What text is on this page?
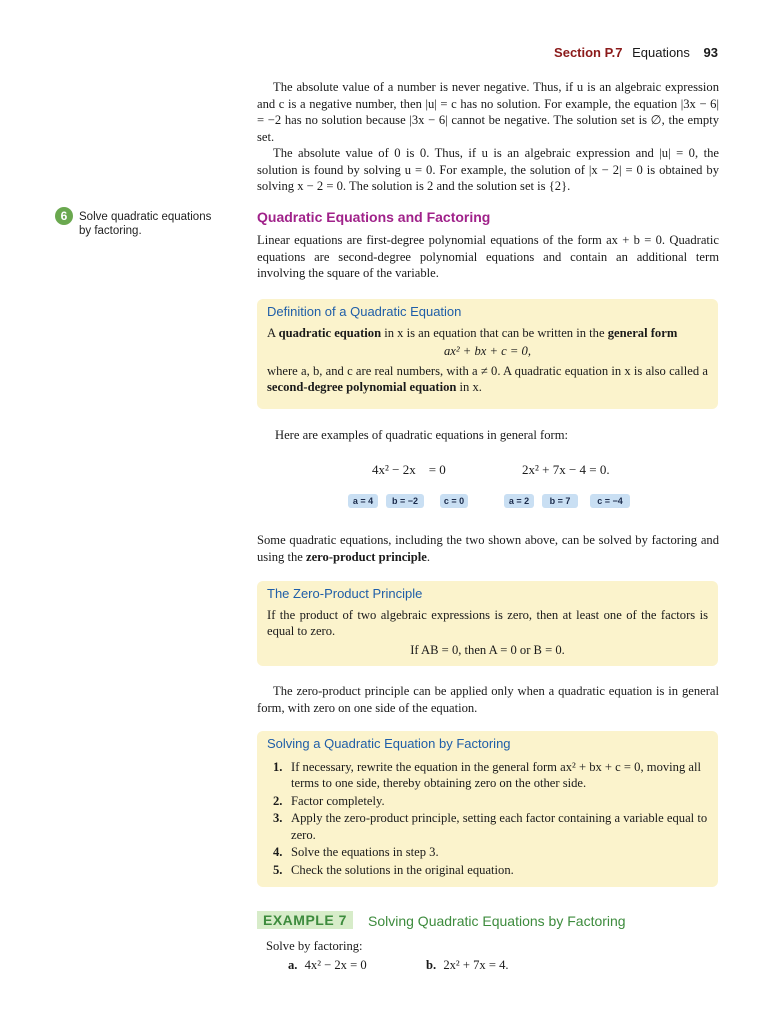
Section P.7 Equations 93

The absolute value of a number is never negative. Thus, if u is an algebraic expression and c is a negative number, then |u| = c has no solution. For example, the equation |3x − 6| = −2 has no solution because |3x − 6| cannot be negative. The solution set is ∅, the empty set.

The absolute value of 0 is 0. Thus, if u is an algebraic expression and |u| = 0, the solution is found by solving u = 0. For example, the solution of |x − 2| = 0 is obtained by solving x − 2 = 0. The solution is 2 and the solution set is {2}.

6	Solve quadratic equations by factoring.
Quadratic Equations and Factoring

Linear equations are first-degree polynomial equations of the form ax + b = 0. Quadratic equations are second-degree polynomial equations and contain an additional term involving the square of the variable.

Definition of a Quadratic Equation
A quadratic equation in x is an equation that can be written in the general form
ax² + bx + c = 0,
where a, b, and c are real numbers, with a ≠ 0. A quadratic equation in x is also called a second-degree polynomial equation in x.
Here are examples of quadratic equations in general form:
4x² − 2x    = 0	2x² + 7x − 4 = 0.
a = 4	b = −2	c = 0	a = 2	b = 7	c = −4

Some quadratic equations, including the two shown above, can be solved by factoring and using the zero-product principle.

The Zero-Product Principle
If the product of two algebraic expressions is zero, then at least one of the factors is equal to zero.
If AB = 0, then A = 0 or B = 0.

The zero-product principle can be applied only when a quadratic equation is in general form, with zero on one side of the equation.

Solving a Quadratic Equation by Factoring
1. If necessary, rewrite the equation in the general form ax² + bx + c = 0, moving all terms to one side, thereby obtaining zero on the other side.
2. Factor completely.
3. Apply the zero-product principle, setting each factor containing a variable equal to zero.
4. Solve the equations in step 3.
5. Check the solutions in the original equation.
EXAMPLE 7	Solving Quadratic Equations by Factoring
Solve by factoring:
a. 4x² − 2x = 0	b. 2x² + 7x = 4.
